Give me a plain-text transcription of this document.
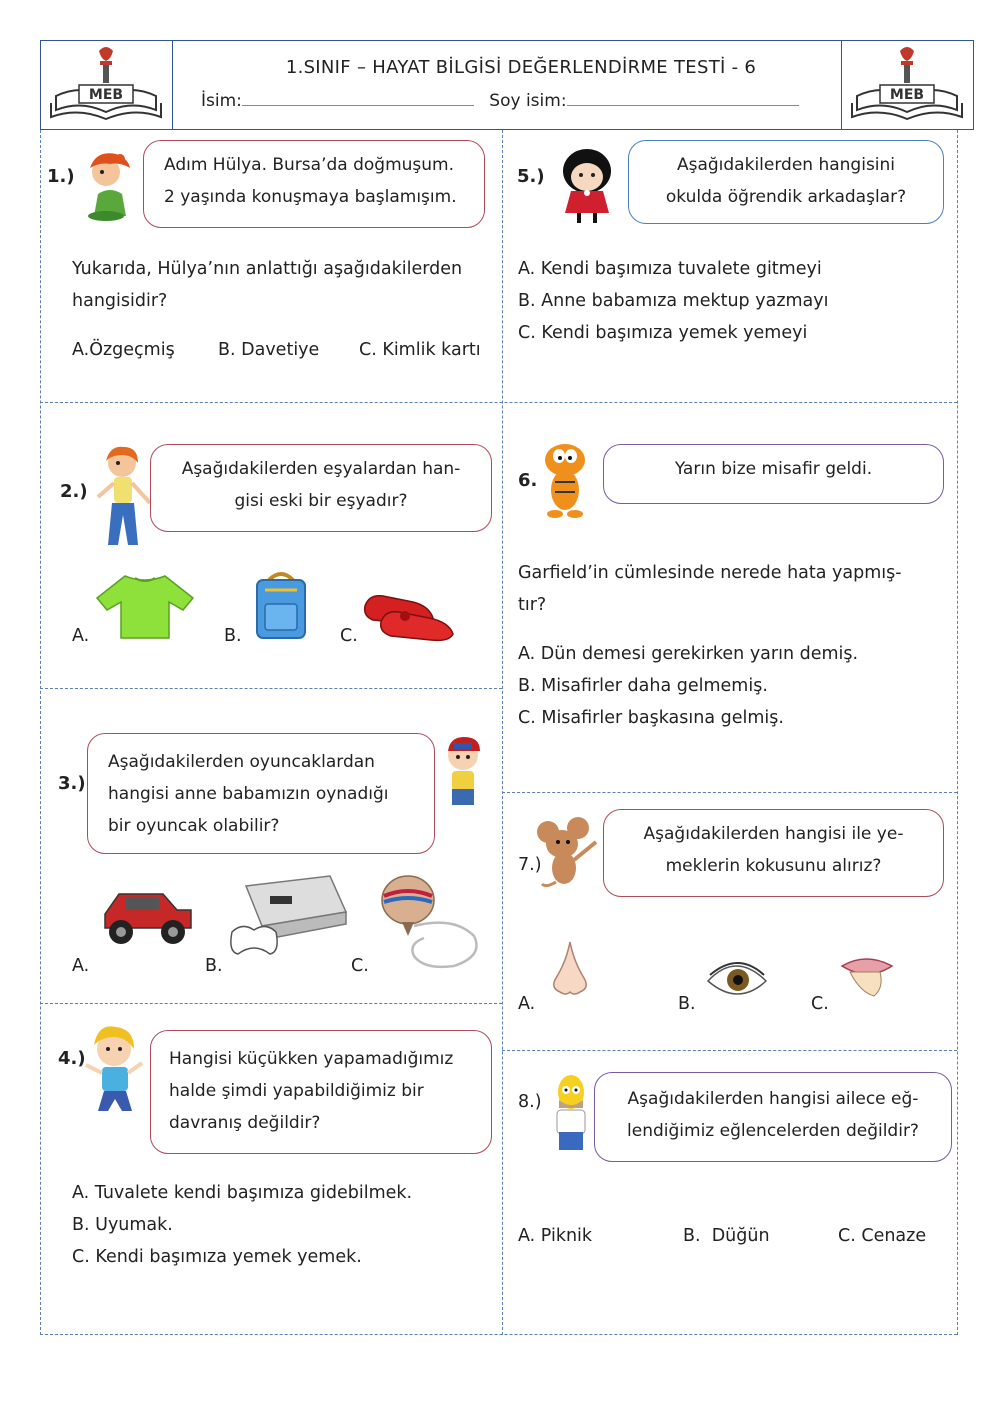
MEB
1.SINIF – HAYAT BİLGİSİ DEĞERLENDİRME TESTİ - 6
İsim:	Soy isim:	MEB
1.)
Adım Hülya. Bursa’da doğmuşum.
2 yaşında konuşmaya başlamışım.
Yukarıda, Hülya’nın anlattığı aşağıdakilerden
hangisidir?
A.Özgeçmiş B. Davetiye C. Kimlik kartı
2.)
Aşağıdakilerden eşyalardan han-
gisi eski bir eşyadır?
A.	B.	C.
3.)
Aşağıdakilerden oyuncaklardan
hangisi anne babamızın oynadığı
bir oyuncak olabilir?
A.	B.	C.
4.)	Hangisi küçükken yapamadığımız
halde şimdi yapabildiğimiz bir
davranış değildir?
A. Tuvalete kendi başımıza gidebilmek.
B. Uyumak.
C. Kendi başımıza yemek yemek.
5.)
Aşağıdakilerden hangisini
okulda öğrendik arkadaşlar?
A. Kendi başımıza tuvalete gitmeyi
B. Anne babamıza mektup yazmayı
C. Kendi başımıza yemek yemeyi
6.
Yarın bize misafir geldi.
Garfield’in cümlesinde nerede hata yapmış-
tır?
A. Dün demesi gerekirken yarın demiş.
B. Misafirler daha gelmemiş.
C. Misafirler başkasına gelmiş.
7.)
Aşağıdakilerden hangisi ile ye-
meklerin kokusunu alırız?
A.	B.	C.
8.)	Aşağıdakilerden hangisi ailece eğ-
lendiğimiz eğlencelerden değildir?
A. Piknik	B.  Düğün	C. Cenaze
